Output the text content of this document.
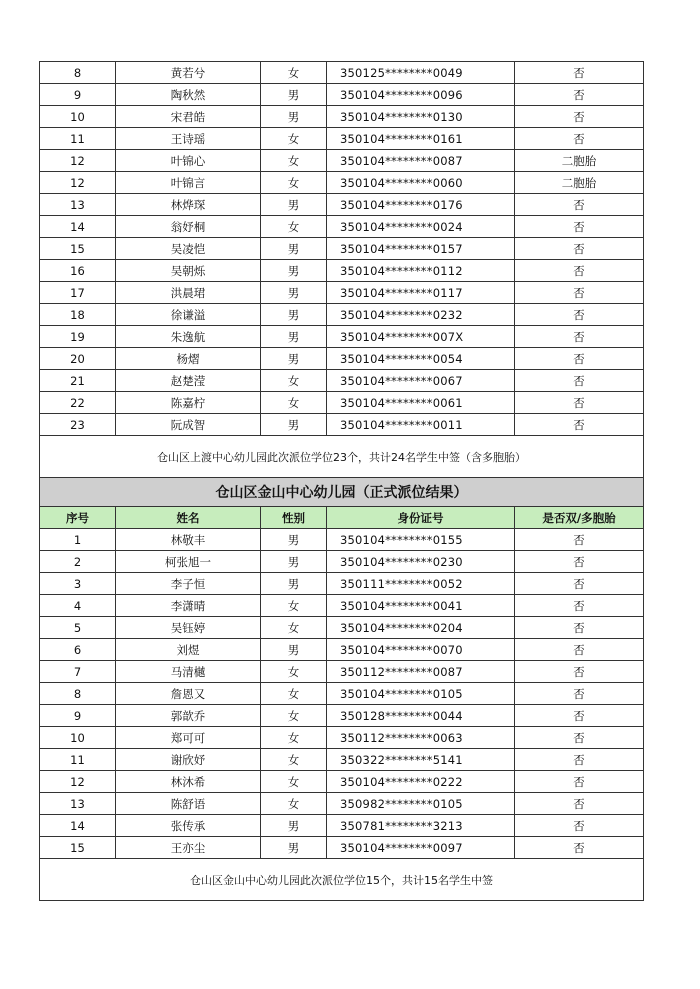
8	黄若兮	女	350125********0049	否
9	陶秋然	男	350104********0096	否
10	宋君皓	男	350104********0130	否
11	王诗瑶	女	350104********0161	否
12	叶锦心	女	350104********0087	二胞胎
12	叶锦言	女	350104********0060	二胞胎
13	林烨琛	男	350104********0176	否
14	翁妤桐	女	350104********0024	否
15	吴凌恺	男	350104********0157	否
16	吴朝烁	男	350104********0112	否
17	洪晨珺	男	350104********0117	否
18	徐谦溢	男	350104********0232	否
19	朱逸航	男	350104********007X	否
20	杨熠	男	350104********0054	否
21	赵楚滢	女	350104********0067	否
22	陈嘉柠	女	350104********0061	否
23	阮成智	男	350104********0011	否
仓山区上渡中心幼儿园此次派位学位23个，共计24名学生中签（含多胞胎）				
仓山区金山中心幼儿园（正式派位结果）				
序号	姓名	性别	身份证号	是否双/多胞胎
1	林敬丰	男	350104********0155	否
2	柯张旭一	男	350104********0230	否
3	李子恒	男	350111********0052	否
4	李潇晴	女	350104********0041	否
5	吴钰婷	女	350104********0204	否
6	刘煜	男	350104********0070	否
7	马清樾	女	350112********0087	否
8	詹恩又	女	350104********0105	否
9	郭歆乔	女	350128********0044	否
10	郑可可	女	350112********0063	否
11	谢欣妤	女	350322********5141	否
12	林沐希	女	350104********0222	否
13	陈舒语	女	350982********0105	否
14	张传承	男	350781********3213	否
15	王亦尘	男	350104********0097	否
仓山区金山中心幼儿园此次派位学位15个，共计15名学生中签				
